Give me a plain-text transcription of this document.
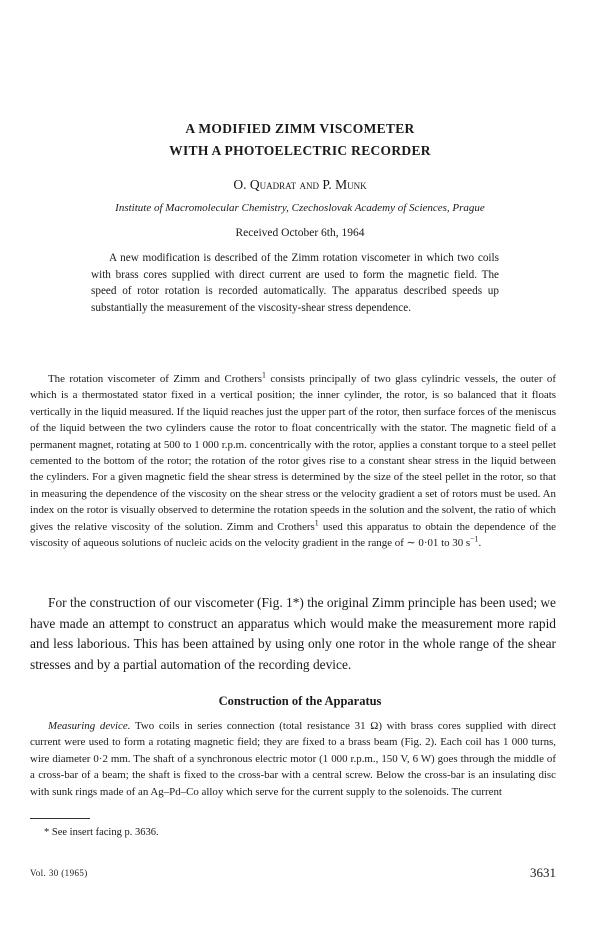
A MODIFIED ZIMM VISCOMETER
WITH A PHOTOELECTRIC RECORDER
O. Quadrat and P. Munk
Institute of Macromolecular Chemistry, Czechoslovak Academy of Sciences, Prague
Received October 6th, 1964

A new modification is described of the Zimm rotation viscometer in which two coils with brass cores supplied with direct current are used to form the magnetic field. The speed of rotor rotation is recorded automatically. The apparatus described speeds up substantially the measurement of the viscosity-shear stress dependence.

The rotation viscometer of Zimm and Crothers$^1$ consists principally of two glass cylindric vessels, the outer of which is a thermostated stator fixed in a vertical position; the inner cylinder, the rotor, is so balanced that it floats vertically in the liquid measured. If the liquid reaches just the upper part of the rotor, then surface forces of the meniscus of the liquid between the two cylinders cause the rotor to float concentrically with the stator. The magnetic field of a permanent magnet, rotating at 500 to 1 000 r.p.m. concentrically with the rotor, applies a constant torque to a steel pellet cemented to the bottom of the rotor; the rotation of the rotor gives rise to a constant shear stress in the liquid between the cylinders. For a given magnetic field the shear stress is determined by the size of the steel pellet in the rotor, so that in measuring the dependence of the viscosity on the shear stress or the velocity gradient a set of rotors must be used. An index on the rotor is visually observed to determine the rotation speeds in the solution and the solvent, the ratio of which gives the relative viscosity of the solution. Zimm and Crothers$^1$ used this apparatus to obtain the dependence of the viscosity of aqueous solutions of nucleic acids on the velocity gradient in the range of ∼ 0·01 to 30 $s^{-1}$.

For the construction of our viscometer (Fig. 1*) the original Zimm principle has been used; we have made an attempt to construct an apparatus which would make the measurement more rapid and less laborious. This has been attained by using only one rotor in the whole range of the shear stresses and by a partial automation of the recording device.

Construction of the Apparatus

Measuring device. Two coils in series connection (total resistance 31 Ω) with brass cores supplied with direct current were used to form a rotating magnetic field; they are fixed to a brass beam (Fig. 2). Each coil has 1 000 turns, wire diameter 0·2 mm. The shaft of a synchronous electric motor (1 000 r.p.m., 150 V, 6 W) goes through the middle of a cross-bar of a beam; the shaft is fixed to the cross-bar with a central screw. Below the cross-bar is an insulating disc with sunk rings made of an Ag–Pd–Co alloy which serve for the current supply to the solenoids. The current

* See insert facing p. 3636.
Vol. 30 (1965)	3631
